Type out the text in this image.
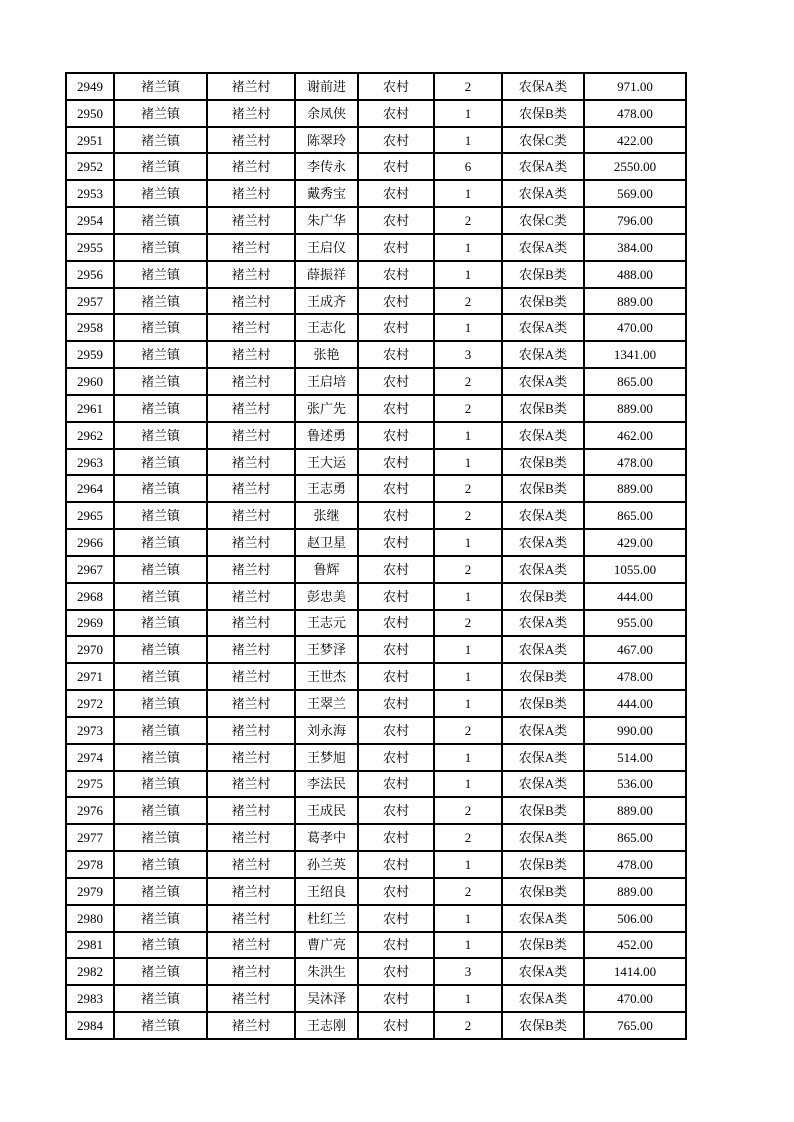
2949	褚兰镇	褚兰村	谢前进	农村	2	农保A类	971.00
2950	褚兰镇	褚兰村	余凤侠	农村	1	农保B类	478.00
2951	褚兰镇	褚兰村	陈翠玲	农村	1	农保C类	422.00
2952	褚兰镇	褚兰村	李传永	农村	6	农保A类	2550.00
2953	褚兰镇	褚兰村	戴秀宝	农村	1	农保A类	569.00
2954	褚兰镇	褚兰村	朱广华	农村	2	农保C类	796.00
2955	褚兰镇	褚兰村	王启仪	农村	1	农保A类	384.00
2956	褚兰镇	褚兰村	薛振祥	农村	1	农保B类	488.00
2957	褚兰镇	褚兰村	王成齐	农村	2	农保B类	889.00
2958	褚兰镇	褚兰村	王志化	农村	1	农保A类	470.00
2959	褚兰镇	褚兰村	张艳	农村	3	农保A类	1341.00
2960	褚兰镇	褚兰村	王启培	农村	2	农保A类	865.00
2961	褚兰镇	褚兰村	张广先	农村	2	农保B类	889.00
2962	褚兰镇	褚兰村	鲁述勇	农村	1	农保A类	462.00
2963	褚兰镇	褚兰村	王大运	农村	1	农保B类	478.00
2964	褚兰镇	褚兰村	王志勇	农村	2	农保B类	889.00
2965	褚兰镇	褚兰村	张继	农村	2	农保A类	865.00
2966	褚兰镇	褚兰村	赵卫星	农村	1	农保A类	429.00
2967	褚兰镇	褚兰村	鲁辉	农村	2	农保A类	1055.00
2968	褚兰镇	褚兰村	彭忠美	农村	1	农保B类	444.00
2969	褚兰镇	褚兰村	王志元	农村	2	农保A类	955.00
2970	褚兰镇	褚兰村	王梦泽	农村	1	农保A类	467.00
2971	褚兰镇	褚兰村	王世杰	农村	1	农保B类	478.00
2972	褚兰镇	褚兰村	王翠兰	农村	1	农保B类	444.00
2973	褚兰镇	褚兰村	刘永海	农村	2	农保A类	990.00
2974	褚兰镇	褚兰村	王梦旭	农村	1	农保A类	514.00
2975	褚兰镇	褚兰村	李法民	农村	1	农保A类	536.00
2976	褚兰镇	褚兰村	王成民	农村	2	农保B类	889.00
2977	褚兰镇	褚兰村	葛孝中	农村	2	农保A类	865.00
2978	褚兰镇	褚兰村	孙兰英	农村	1	农保B类	478.00
2979	褚兰镇	褚兰村	王绍良	农村	2	农保B类	889.00
2980	褚兰镇	褚兰村	杜红兰	农村	1	农保A类	506.00
2981	褚兰镇	褚兰村	曹广亮	农村	1	农保B类	452.00
2982	褚兰镇	褚兰村	朱洪生	农村	3	农保A类	1414.00
2983	褚兰镇	褚兰村	吴沐泽	农村	1	农保A类	470.00
2984	褚兰镇	褚兰村	王志刚	农村	2	农保B类	765.00
